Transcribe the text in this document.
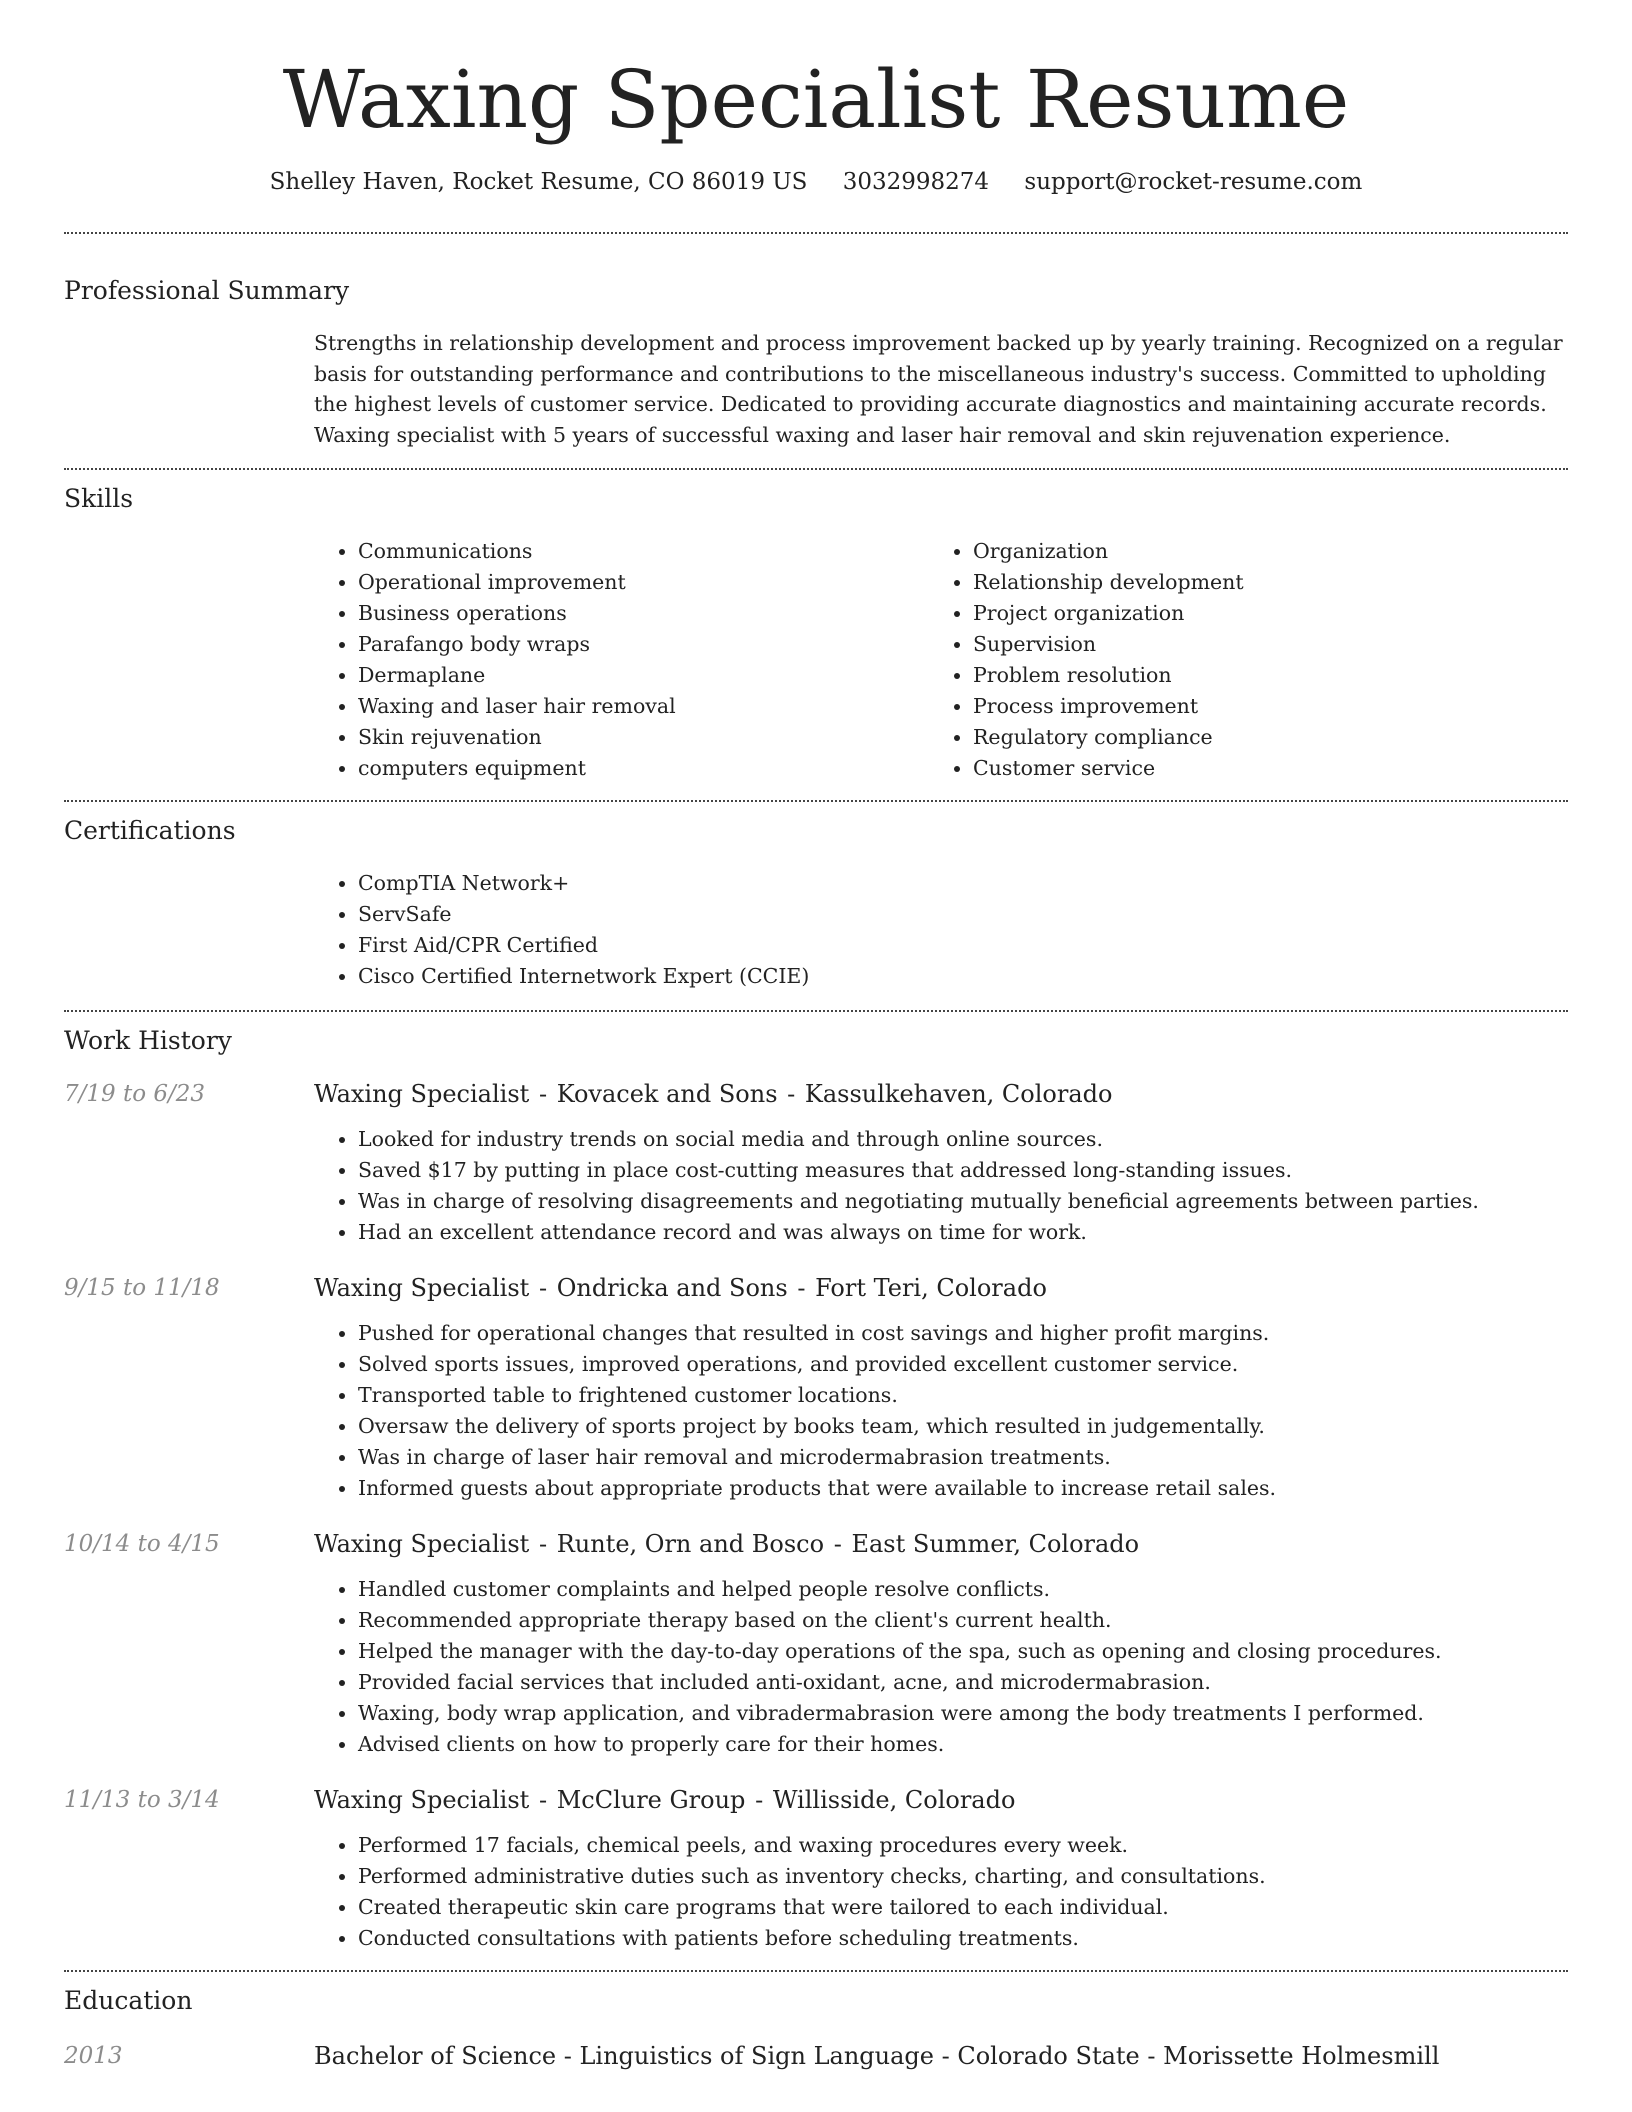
Waxing Specialist Resume
Shelley Haven, Rocket Resume, CO 86019 US 3032998274 support@rocket-resume.com
Professional Summary

Strengths in relationship development and process improvement backed up by yearly training. Recognized on a regular basis for outstanding performance and contributions to the miscellaneous industry's success. Committed to upholding the highest levels of customer service. Dedicated to providing accurate diagnostics and maintaining accurate records. Waxing specialist with 5 years of successful waxing and laser hair removal and skin rejuvenation experience.

Skills
• Communications
• Operational improvement
• Business operations
• Parafango body wraps
• Dermaplane
• Waxing and laser hair removal
• Skin rejuvenation
• computers equipment
• Organization
• Relationship development
• Project organization
• Supervision
• Problem resolution
• Process improvement
• Regulatory compliance
• Customer service
Certifications
• CompTIA Network+
• ServSafe
• First Aid/CPR Certified
• Cisco Certified Internetwork Expert (CCIE)
Work History
7/19 to 6/23	Waxing Specialist - Kovacek and Sons - Kassulkehaven, Colorado
• Looked for industry trends on social media and through online sources.
• Saved $17 by putting in place cost-cutting measures that addressed long-standing issues.
• Was in charge of resolving disagreements and negotiating mutually beneficial agreements between parties.
• Had an excellent attendance record and was always on time for work.
9/15 to 11/18	Waxing Specialist - Ondricka and Sons - Fort Teri, Colorado
• Pushed for operational changes that resulted in cost savings and higher profit margins.
• Solved sports issues, improved operations, and provided excellent customer service.
• Transported table to frightened customer locations.
• Oversaw the delivery of sports project by books team, which resulted in judgementally.
• Was in charge of laser hair removal and microdermabrasion treatments.
• Informed guests about appropriate products that were available to increase retail sales.
10/14 to 4/15	Waxing Specialist - Runte, Orn and Bosco - East Summer, Colorado
• Handled customer complaints and helped people resolve conflicts.
• Recommended appropriate therapy based on the client's current health.
• Helped the manager with the day-to-day operations of the spa, such as opening and closing procedures.
• Provided facial services that included anti-oxidant, acne, and microdermabrasion.
• Waxing, body wrap application, and vibradermabrasion were among the body treatments I performed.
• Advised clients on how to properly care for their homes.
11/13 to 3/14	Waxing Specialist - McClure Group - Willisside, Colorado
• Performed 17 facials, chemical peels, and waxing procedures every week.
• Performed administrative duties such as inventory checks, charting, and consultations.
• Created therapeutic skin care programs that were tailored to each individual.
• Conducted consultations with patients before scheduling treatments.
Education
2013	Bachelor of Science - Linguistics of Sign Language - Colorado State - Morissette Holmesmill
